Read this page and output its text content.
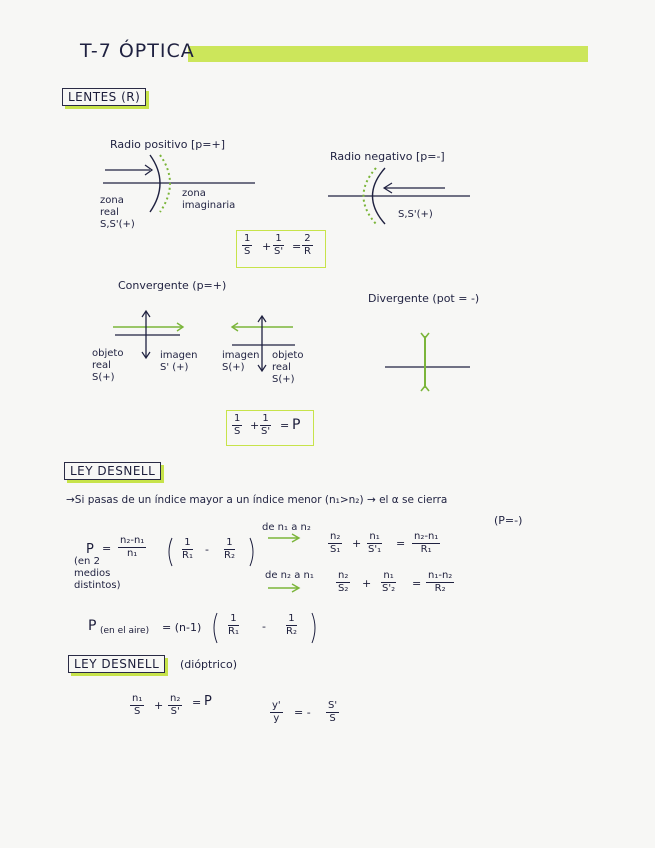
T-7 ÓPTICA
LENTES (R)
Radio positivo [p=+]
Radio negativo [p=-]
zona
real
S,S'(+)
zona
imaginaria
S,S'(+)
$\frac{1}{S} + \frac{1}{S'} = \frac{2}{R}$
Convergente (p=+)
Divergente (pot = -)
objeto
real
S(+)
imagen
S' (+)
imagen
S(+)
objeto
real
S(+)
$\frac{1}{S} + \frac{1}{S'} = P$
LEY DESNELL
→Si pasas de un índice mayor a un índice menor (n₁>n₂) → el α se cierra
(P=-)
$P = \frac{\text{n₂-n₁}}{\text{n₁}}$	$\frac{1}{\text{R₁}} - \frac{1}{\text{R₂}}$
(en 2
medios
distintos)
de n₁ a n₂
de n₂ a n₁
$\frac{\text{n₂}}{\text{S₁}} + \frac{\text{n₁}}{\text{S'₁}} = \frac{\text{n₂-n₁}}{\text{R₁}}$
$\frac{\text{n₂}}{\text{S₂}} + \frac{\text{n₁}}{\text{S'₂}} = \frac{\text{n₁-n₂}}{\text{R₂}}$
P (en el aire) = $(n-1) \frac{1}{\text{R₁}} - \frac{1}{\text{R₂}}$
LEY DESNELL	(dióptrico)
$\frac{\text{n₁}}{S} + \frac{\text{n₂}}{S'} = P$	$\frac{y'}{y}$ = - $\frac{S'}{S}$
